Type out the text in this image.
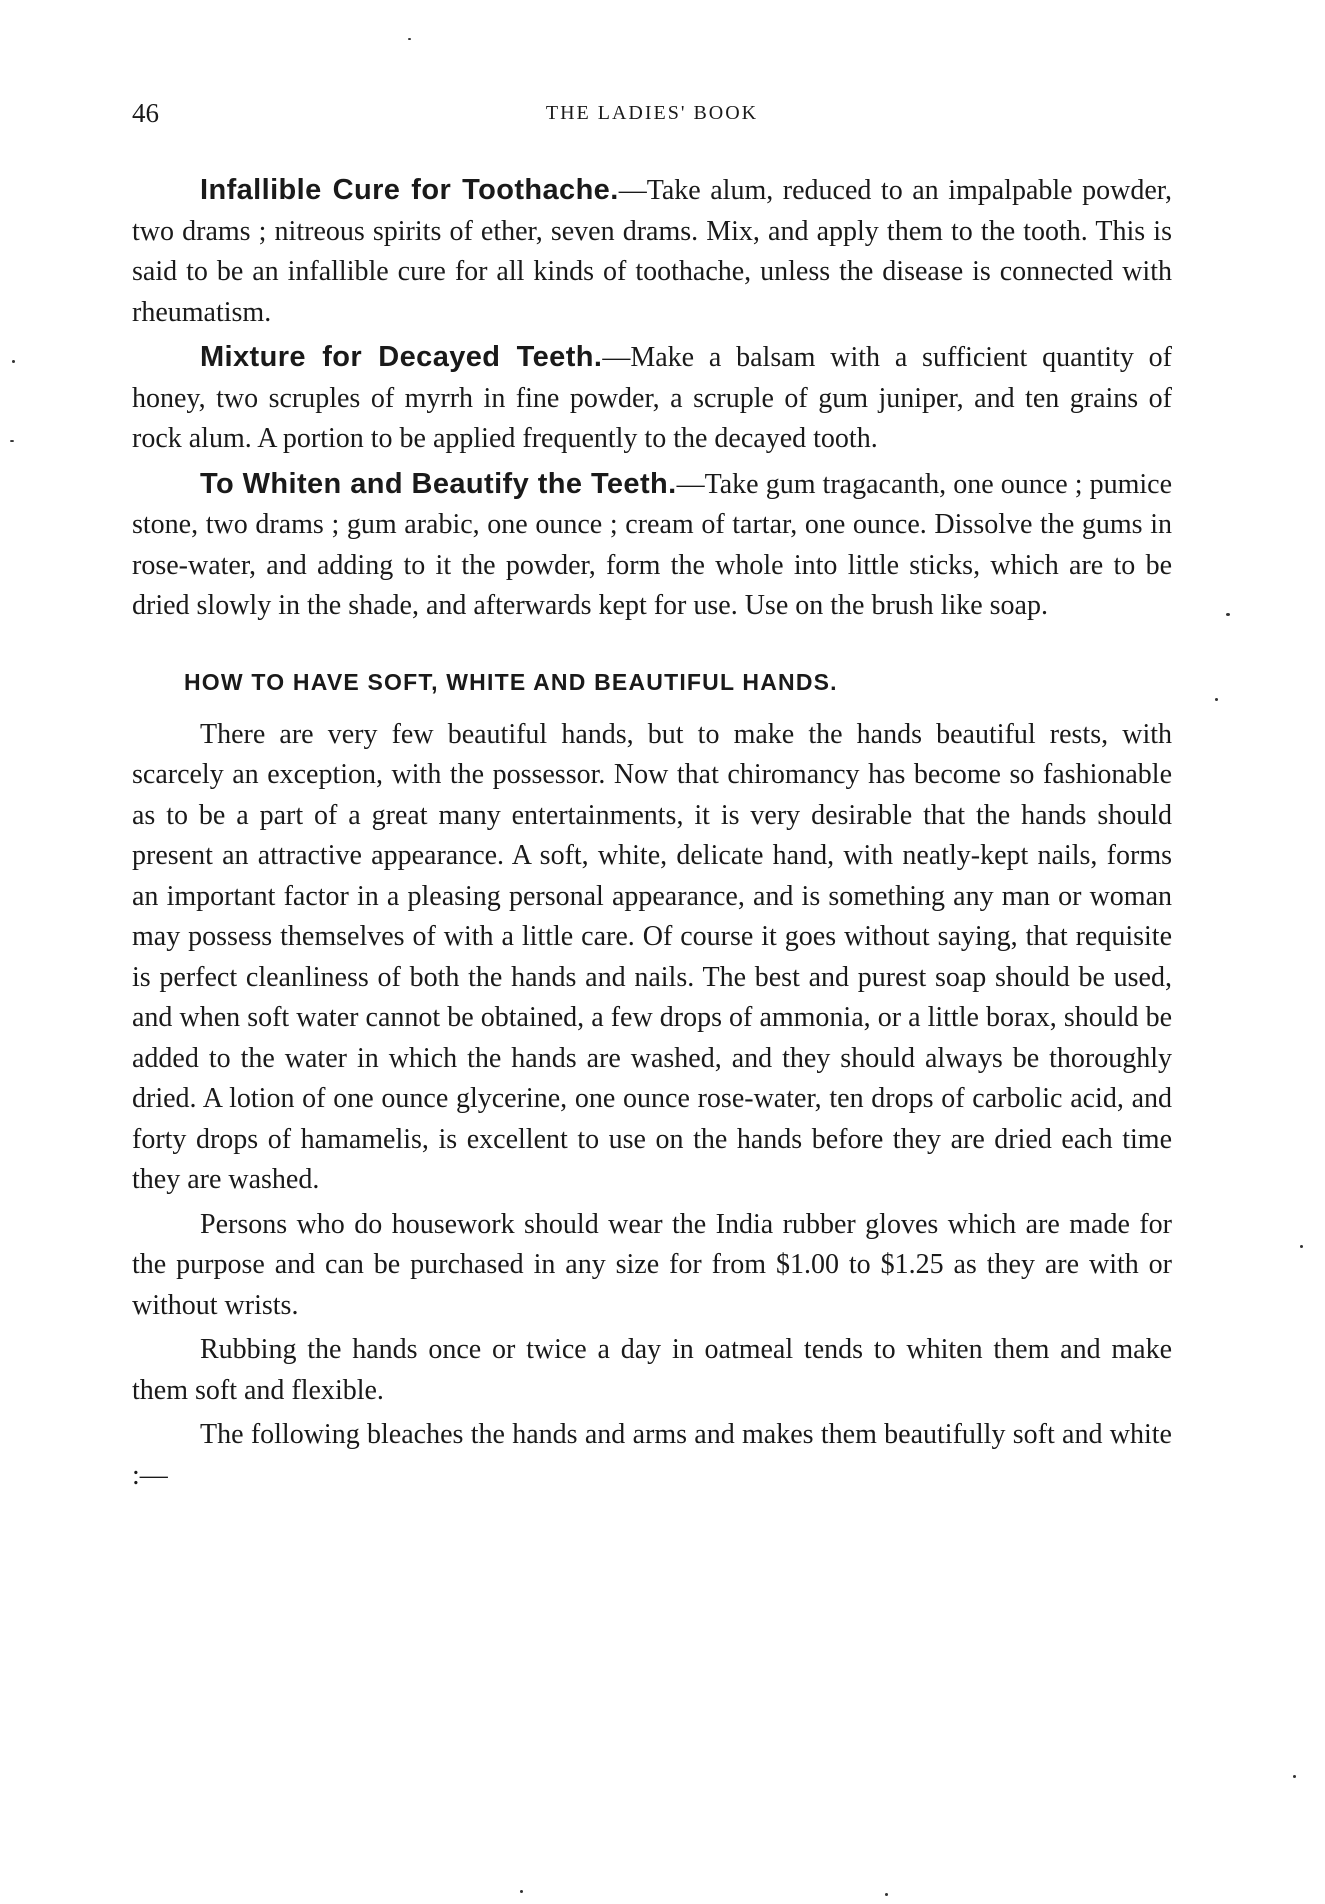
46	THE LADIES' BOOK

Infallible Cure for Toothache.—Take alum, reduced to an impalpable powder, two drams ; nitreous spirits of ether, seven drams. Mix, and apply them to the tooth. This is said to be an infallible cure for all kinds of toothache, unless the disease is connected with rheumatism.

Mixture for Decayed Teeth.—Make a balsam with a sufficient quantity of honey, two scruples of myrrh in fine powder, a scruple of gum juniper, and ten grains of rock alum. A portion to be applied frequently to the decayed tooth.

To Whiten and Beautify the Teeth.—Take gum tragacanth, one ounce ; pumice stone, two drams ; gum arabic, one ounce ; cream of tartar, one ounce. Dissolve the gums in rose-water, and adding to it the powder, form the whole into little sticks, which are to be dried slowly in the shade, and afterwards kept for use. Use on the brush like soap.

HOW TO HAVE SOFT, WHITE AND BEAUTIFUL HANDS.

There are very few beautiful hands, but to make the hands beautiful rests, with scarcely an exception, with the possessor. Now that chiromancy has become so fashionable as to be a part of a great many entertainments, it is very desirable that the hands should present an attractive appearance. A soft, white, delicate hand, with neatly-kept nails, forms an important factor in a pleasing personal appearance, and is something any man or woman may possess themselves of with a little care. Of course it goes without saying, that requisite is perfect cleanliness of both the hands and nails. The best and purest soap should be used, and when soft water cannot be obtained, a few drops of ammonia, or a little borax, should be added to the water in which the hands are washed, and they should always be thoroughly dried. A lotion of one ounce glycerine, one ounce rose-water, ten drops of carbolic acid, and forty drops of hamamelis, is excellent to use on the hands before they are dried each time they are washed.

Persons who do housework should wear the India rubber gloves which are made for the purpose and can be purchased in any size for from $1.00 to $1.25 as they are with or without wrists.

Rubbing the hands once or twice a day in oatmeal tends to whiten them and make them soft and flexible.

The following bleaches the hands and arms and makes them beautifully soft and white :—
